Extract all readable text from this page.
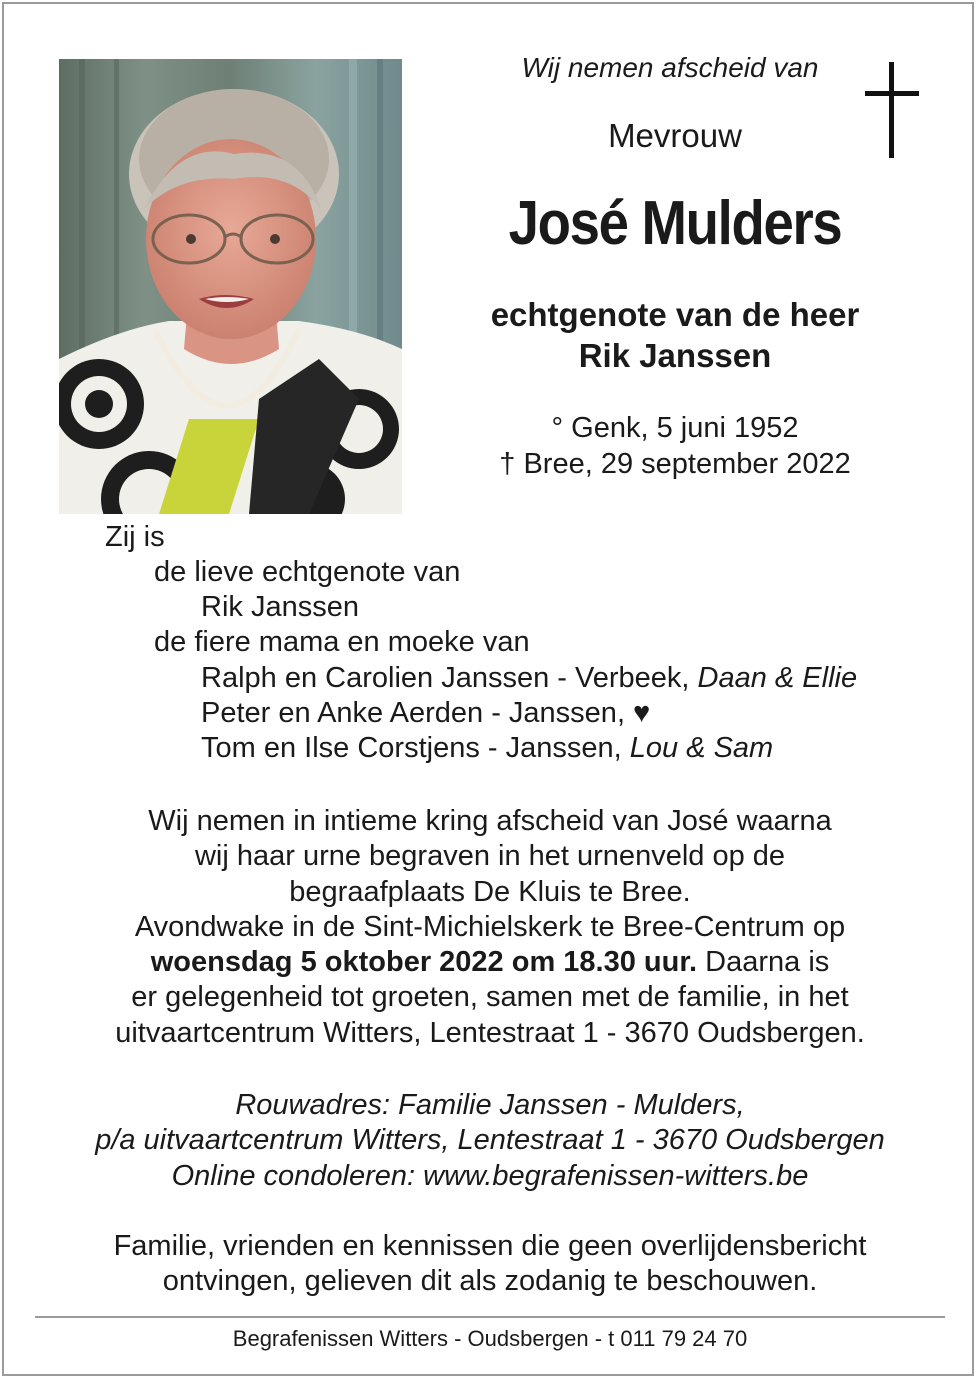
Wij nemen afscheid van
Mevrouw
José Mulders
echtgenote van de heer
Rik Janssen
° Genk, 5 juni 1952
† Bree, 29 september 2022
Zij is
de lieve echtgenote van
Rik Janssen
de fiere mama en moeke van
Ralph en Carolien Janssen - Verbeek, Daan & Ellie
Peter en Anke Aerden - Janssen, ♥
Tom en Ilse Corstjens - Janssen, Lou & Sam
Wij nemen in intieme kring afscheid van José waarna
wij haar urne begraven in het urnenveld op de
begraafplaats De Kluis te Bree.
Avondwake in de Sint-Michielskerk te Bree-Centrum op
woensdag 5 oktober 2022 om 18.30 uur. Daarna is
er gelegenheid tot groeten, samen met de familie, in het
uitvaartcentrum Witters, Lentestraat 1 - 3670 Oudsbergen.
Rouwadres: Familie Janssen - Mulders,
p/a uitvaartcentrum Witters, Lentestraat 1 - 3670 Oudsbergen
Online condoleren: www.begrafenissen-witters.be
Familie, vrienden en kennissen die geen overlijdensbericht
ontvingen, gelieven dit als zodanig te beschouwen.
Begrafenissen Witters - Oudsbergen - t 011 79 24 70
